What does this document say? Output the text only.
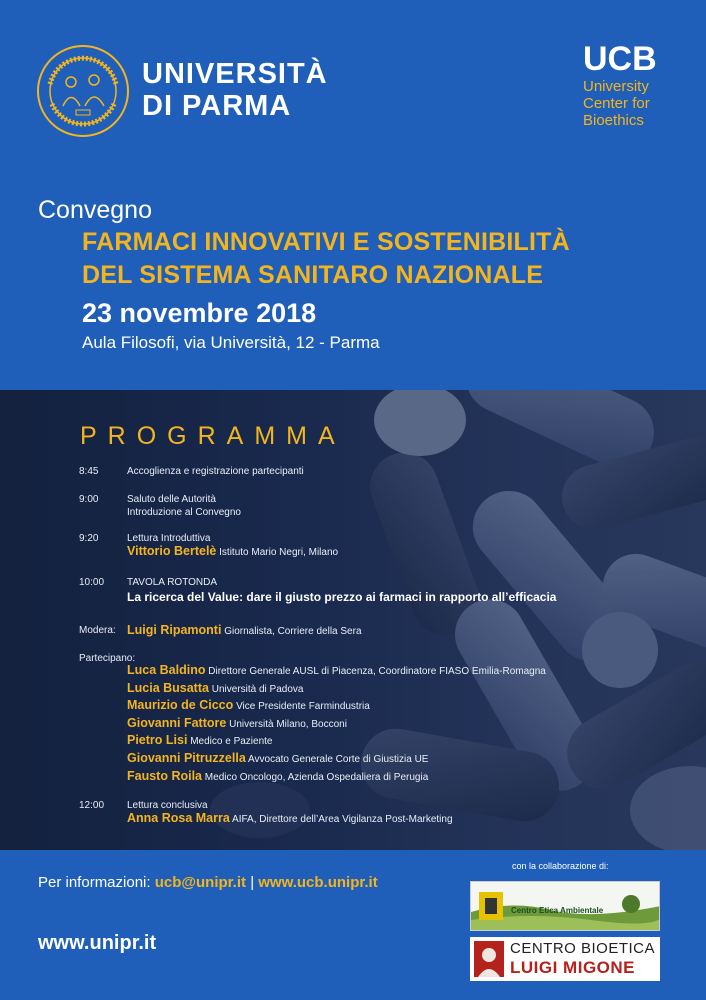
UNIVERSITÀ
DI PARMA
UCB
University
Center for
Bioethics
Convegno
FARMACI INNOVATIVI E SOSTENIBILITÀ
DEL SISTEMA SANITARO NAZIONALE
23 novembre 2018
Aula Filosofi, via Università, 12 - Parma
PROGRAMMA
8:45	Accoglienza e registrazione partecipanti
9:00	Saluto delle Autorità
Introduzione al Convegno
9:20	Lettura Introduttiva
Vittorio Bertelè Istituto Mario Negri, Milano
10:00	TAVOLA ROTONDA
La ricerca del Value: dare il giusto prezzo ai farmaci in rapporto all’efficacia
Modera: Luigi Ripamonti Giornalista, Corriere della Sera
Partecipano:
Luca Baldino Direttore Generale AUSL di Piacenza, Coordinatore FIASO Emilia-Romagna
Lucia Busatta Università di Padova
Maurizio de Cicco Vice Presidente Farmindustria
Giovanni Fattore Università Milano, Bocconi
Pietro Lisi Medico e Paziente
Giovanni Pitruzzella Avvocato Generale Corte di Giustizia UE
Fausto Roila Medico Oncologo, Azienda Ospedaliera di Perugia
12:00	Lettura conclusiva
Anna Rosa Marra AIFA, Direttore dell’Area Vigilanza Post-Marketing
Per informazioni: ucb@unipr.it | www.ucb.unipr.it
www.unipr.it
con la collaborazione di:
Centro Etica Ambientale
CENTRO BIOETICA
LUIGI MIGONE
